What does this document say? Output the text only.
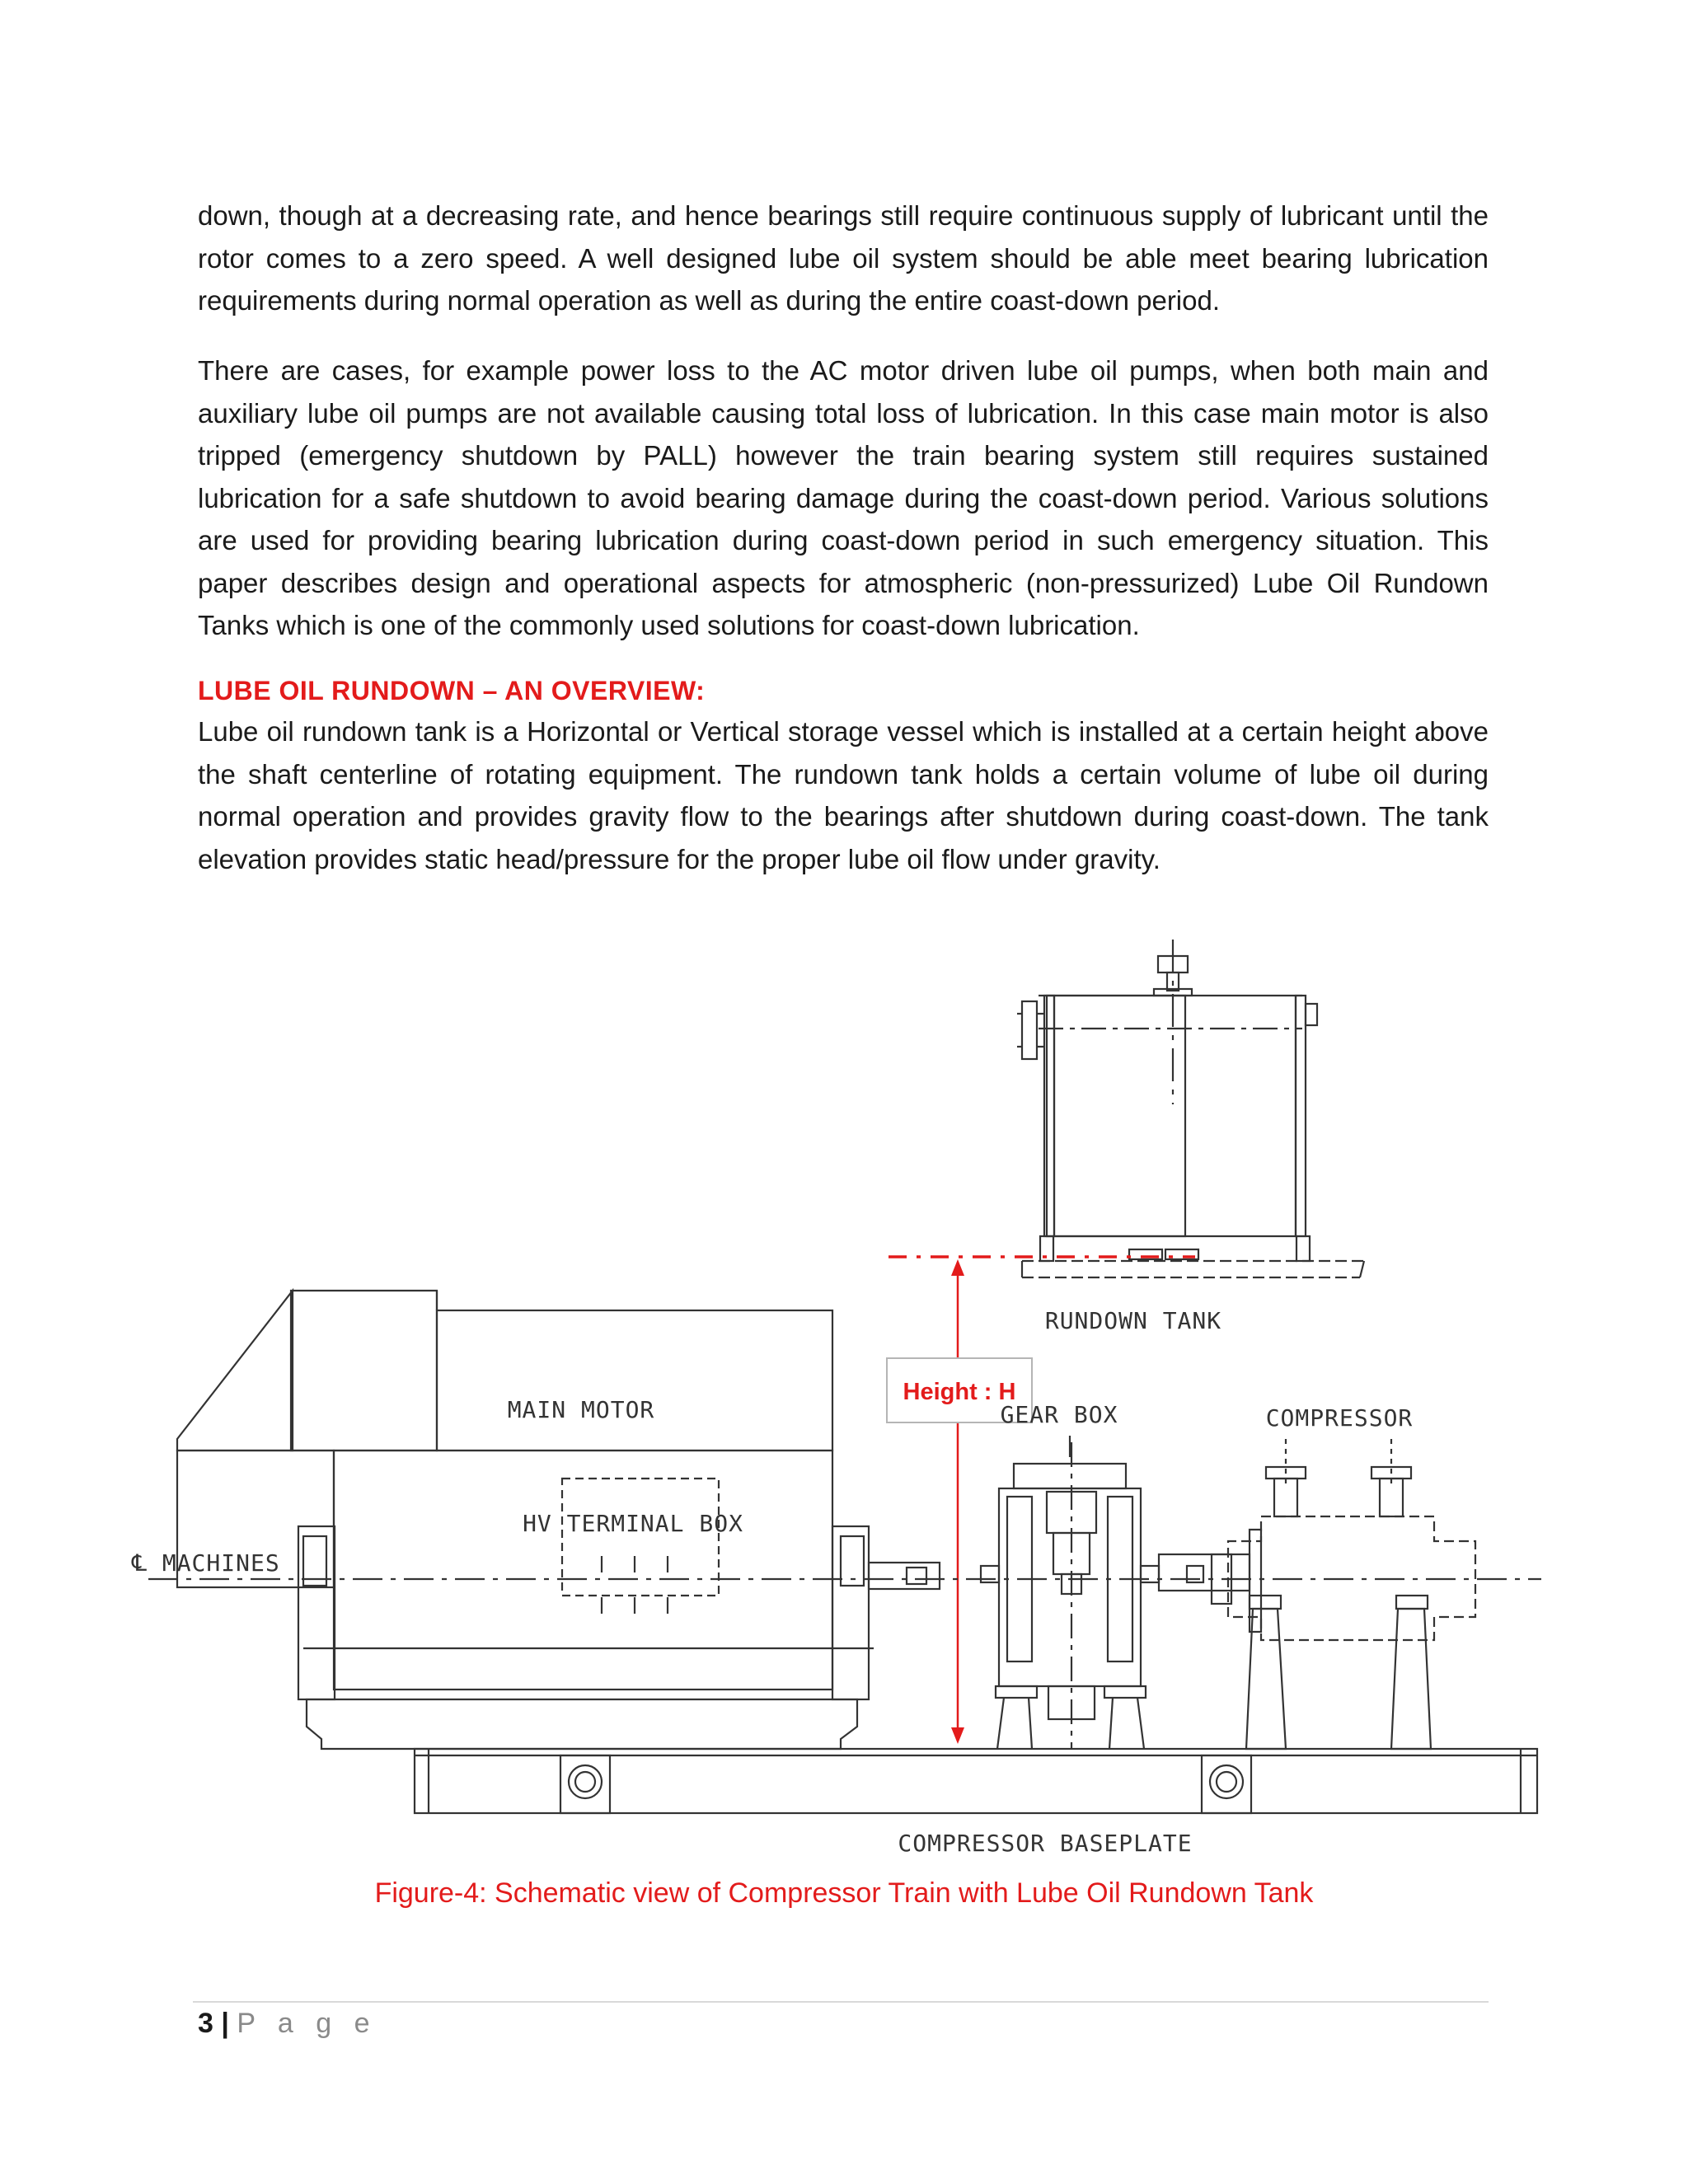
down, though at a decreasing rate, and hence bearings still require continuous supply of lubricant until the rotor comes to a zero speed. A well designed lube oil system should be able meet bearing lubrication requirements during normal operation as well as during the entire coast-down period.

There are cases, for example power loss to the AC motor driven lube oil pumps, when both main and auxiliary lube oil pumps are not available causing total loss of lubrication. In this case main motor is also tripped (emergency shutdown by PALL) however the train bearing system still requires sustained lubrication for a safe shutdown to avoid bearing damage during the coast-down period. Various solutions are used for providing bearing lubrication during coast-down period in such emergency situation. This paper describes design and operational aspects for atmospheric (non-pressurized) Lube Oil Rundown Tanks which is one of the commonly used solutions for coast-down lubrication.

LUBE OIL RUNDOWN – AN OVERVIEW:

Lube oil rundown tank is a Horizontal or Vertical storage vessel which is installed at a certain height above the shaft centerline of rotating equipment. The rundown tank holds a certain volume of lube oil during normal operation and provides gravity flow to the bearings after shutdown during coast-down. The tank elevation provides static head/pressure for the proper lube oil flow under gravity.

RUNDOWN TANK
Height : H
MAIN MOTOR
HV TERMINAL BOX
GEAR BOX	COMPRESSOR
℄ MACHINES
COMPRESSOR BASEPLATE

Figure-4: Schematic view of Compressor Train with Lube Oil Rundown Tank

3 | P a g e
